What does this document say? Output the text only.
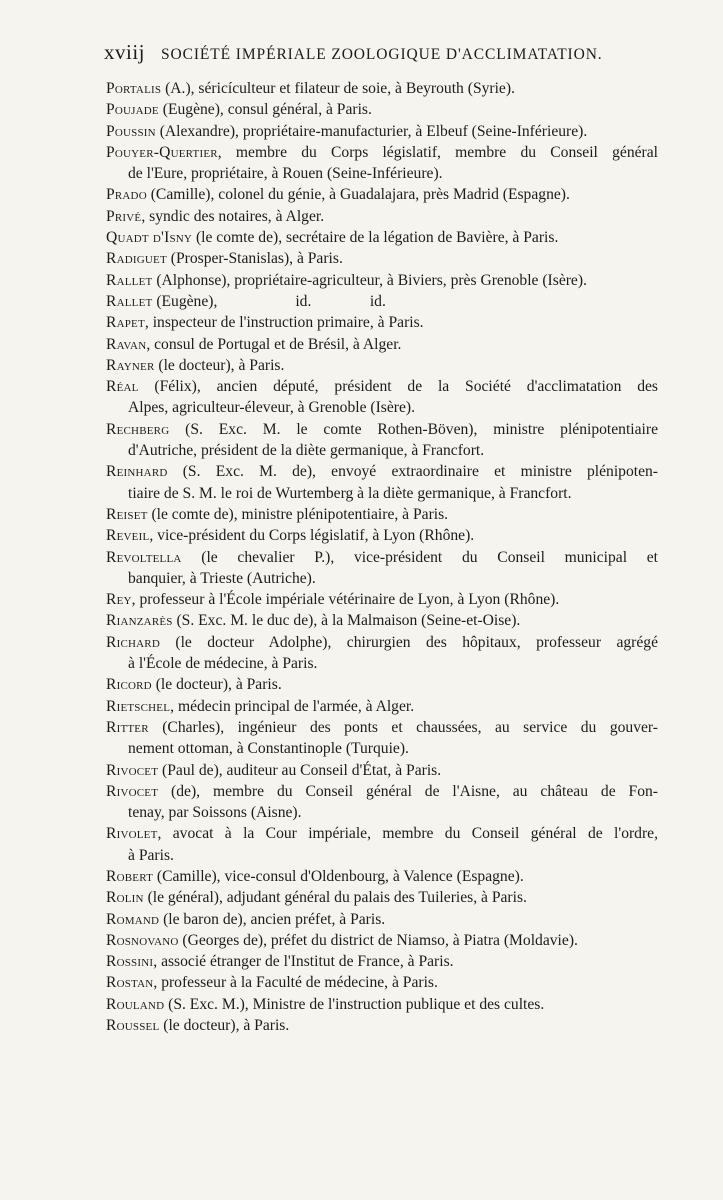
xviij SOCIÉTÉ IMPÉRIALE ZOOLOGIQUE D'ACCLIMATATION.
Portalis (A.), séricículteur et filateur de soie, à Beyrouth (Syrie).
Poujade (Eugène), consul général, à Paris.
Poussin (Alexandre), propriétaire-manufacturier, à Elbeuf (Seine-Inférieure).
Pouyer-Quertier, membre du Corps législatif, membre du Conseil général
de l'Eure, propriétaire, à Rouen (Seine-Inférieure).
Prado (Camille), colonel du génie, à Guadalajara, près Madrid (Espagne).
Privé, syndic des notaires, à Alger.
Quadt d'Isny (le comte de), secrétaire de la légation de Bavière, à Paris.
Radiguet (Prosper-Stanislas), à Paris.
Rallet (Alphonse), propriétaire-agriculteur, à Biviers, près Grenoble (Isère).
Rallet (Eugène),                    id.               id.
Rapet, inspecteur de l'instruction primaire, à Paris.
Ravan, consul de Portugal et de Brésil, à Alger.
Rayner (le docteur), à Paris.
Réal (Félix), ancien député, président de la Société d'acclimatation des
Alpes, agriculteur-éleveur, à Grenoble (Isère).
Rechberg (S. Exc. M. le comte Rothen-Böven), ministre plénipotentiaire
d'Autriche, président de la diète germanique, à Francfort.
Reinhard (S. Exc. M. de), envoyé extraordinaire et ministre plénipoten-
tiaire de S. M. le roi de Wurtemberg à la diète germanique, à Francfort.
Reiset (le comte de), ministre plénipotentiaire, à Paris.
Reveil, vice-président du Corps législatif, à Lyon (Rhône).
Revoltella (le chevalier P.), vice-président du Conseil municipal et
banquier, à Trieste (Autriche).
Rey, professeur à l'École impériale vétérinaire de Lyon, à Lyon (Rhône).
Rianzarès (S. Exc. M. le duc de), à la Malmaison (Seine-et-Oise).
Richard (le docteur Adolphe), chirurgien des hôpitaux, professeur agrégé
à l'École de médecine, à Paris.
Ricord (le docteur), à Paris.
Rietschel, médecin principal de l'armée, à Alger.
Ritter (Charles), ingénieur des ponts et chaussées, au service du gouver-
nement ottoman, à Constantinople (Turquie).
Rivocet (Paul de), auditeur au Conseil d'État, à Paris.
Rivocet (de), membre du Conseil général de l'Aisne, au château de Fon-
tenay, par Soissons (Aisne).
Rivolet, avocat à la Cour impériale, membre du Conseil général de l'ordre,
à Paris.
Robert (Camille), vice-consul d'Oldenbourg, à Valence (Espagne).
Rolin (le général), adjudant général du palais des Tuileries, à Paris.
Romand (le baron de), ancien préfet, à Paris.
Rosnovano (Georges de), préfet du district de Niamso, à Piatra (Moldavie).
Rossini, associé étranger de l'Institut de France, à Paris.
Rostan, professeur à la Faculté de médecine, à Paris.
Rouland (S. Exc. M.), Ministre de l'instruction publique et des cultes.
Roussel (le docteur), à Paris.
